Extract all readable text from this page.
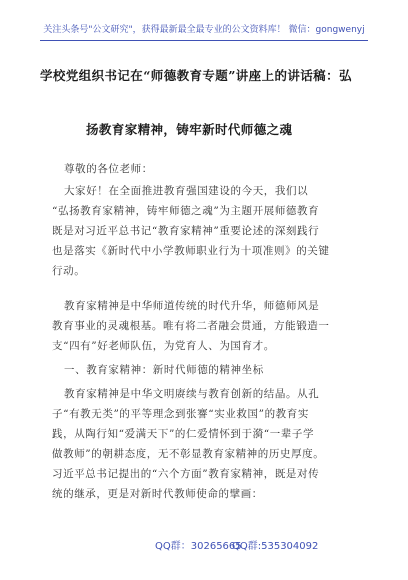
关注头条号"公文研究"，获得最新最全最专业的公文资料库！ 微信：gongwenyj
学校党组织书记在“师德教育专题”讲座上的讲话稿：弘
扬教育家精神，铸牢新时代师德之魂
尊敬的各位老师：
大家好！在全面推进教育强国建设的今天，我们以
“弘扬教育家精神，铸牢师德之魂”为主题开展师德教育
既是对习近平总书记“教育家精神”重要论述的深刻践行
也是落实《新时代中小学教师职业行为十项准则》的关键
行动。
教育家精神是中华师道传统的时代升华，师德师风是
教育事业的灵魂根基。唯有将二者融会贯通，方能锻造一
支“四有”好老师队伍，为党育人、为国育才。
一、教育家精神：新时代师德的精神坐标
教育家精神是中华文明赓续与教育创新的结晶。从孔
子“有教无类”的平等理念到张謇“实业救国”的教育实
践，从陶行知“爱满天下”的仁爱情怀到于漪“一辈子学
做教师”的朝耕态度，无不彰显教育家精神的历史厚度。
习近平总书记提出的“六个方面”教育家精神，既是对传
统的继承，更是对新时代教师使命的擘画：
QQ群：30265665
QQ群:535304092
